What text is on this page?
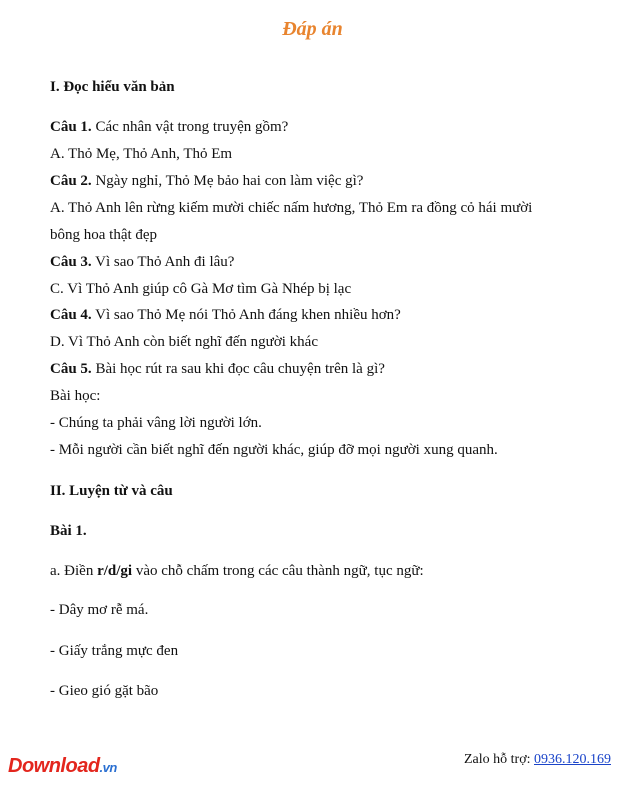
Đáp án
I. Đọc hiểu văn bản
Câu 1. Các nhân vật trong truyện gồm?
A. Thỏ Mẹ, Thỏ Anh, Thỏ Em
Câu 2. Ngày nghỉ, Thỏ Mẹ bảo hai con làm việc gì?
A. Thỏ Anh lên rừng kiếm mười chiếc nấm hương, Thỏ Em ra đồng cỏ hái mười
bông hoa thật đẹp
Câu 3. Vì sao Thỏ Anh đi lâu?
C. Vì Thỏ Anh giúp cô Gà Mơ tìm Gà Nhép bị lạc
Câu 4. Vì sao Thỏ Mẹ nói Thỏ Anh đáng khen nhiều hơn?
D. Vì Thỏ Anh còn biết nghĩ đến người khác
Câu 5. Bài học rút ra sau khi đọc câu chuyện trên là gì?
Bài học:
- Chúng ta phải vâng lời người lớn.
- Mỗi người cần biết nghĩ đến người khác, giúp đỡ mọi người xung quanh.
II. Luyện từ và câu
Bài 1.
a. Điền r/d/gi vào chỗ chấm trong các câu thành ngữ, tục ngữ:
- Dây mơ rễ má.
- Giấy trắng mực đen
- Gieo gió gặt bão
Download.vn
Zalo hỗ trợ: 0936.120.169
